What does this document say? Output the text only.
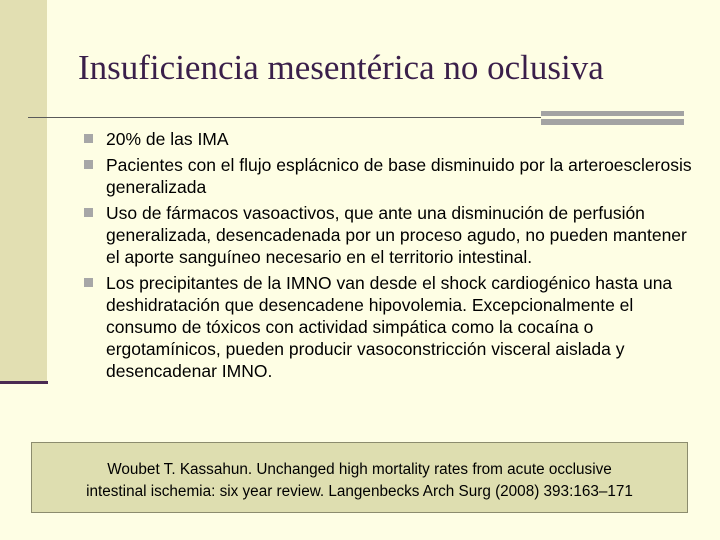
Insuficiencia mesentérica no oclusiva
20% de las IMA
Pacientes con el flujo esplácnico de base disminuido por la arteroesclerosis generalizada
Uso de fármacos vasoactivos, que ante una disminución de perfusión generalizada, desencadenada por un proceso agudo, no pueden mantener el aporte sanguíneo necesario en el territorio intestinal.
Los precipitantes de la IMNO van desde el shock cardiogénico hasta una deshidratación que desencadene hipovolemia. Excepcionalmente el consumo de tóxicos con actividad simpática como la cocaína o ergotamínicos, pueden producir vasoconstricción visceral aislada y desencadenar IMNO.

Woubet T. Kassahun. Unchanged high mortality rates from acute occlusive
intestinal ischemia: six year review. Langenbecks Arch Surg (2008) 393:163–171
